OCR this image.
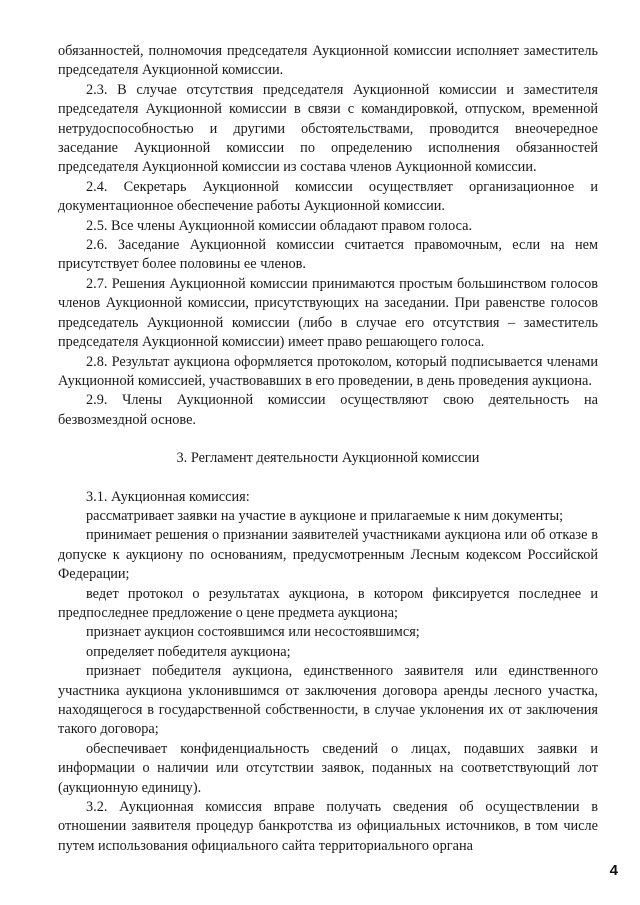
обязанностей, полномочия председателя Аукционной комиссии исполняет заместитель председателя Аукционной комиссии.

2.3. В случае отсутствия председателя Аукционной комиссии и заместителя председателя Аукционной комиссии в связи с командировкой, отпуском, временной нетрудоспособностью и другими обстоятельствами, проводится внеочередное заседание Аукционной комиссии по определению исполнения обязанностей председателя Аукционной комиссии из состава членов Аукционной комиссии.

2.4. Секретарь Аукционной комиссии осуществляет организационное и документационное обеспечение работы Аукционной комиссии.

2.5. Все члены Аукционной комиссии обладают правом голоса.

2.6. Заседание Аукционной комиссии считается правомочным, если на нем присутствует более половины ее членов.

2.7. Решения Аукционной комиссии принимаются простым большинством голосов членов Аукционной комиссии, присутствующих на заседании. При равенстве голосов председатель Аукционной комиссии (либо в случае его отсутствия – заместитель председателя Аукционной комиссии) имеет право решающего голоса.

2.8. Результат аукциона оформляется протоколом, который подписывается членами Аукционной комиссией, участвовавших в его проведении, в день проведения аукциона.

2.9. Члены Аукционной комиссии осуществляют свою деятельность на безвозмездной основе.

3. Регламент деятельности Аукционной комиссии

3.1. Аукционная комиссия:

рассматривает заявки на участие в аукционе и прилагаемые к ним документы;

принимает решения о признании заявителей участниками аукциона или об отказе в допуске к аукциону по основаниям, предусмотренным Лесным кодексом Российской Федерации;

ведет протокол о результатах аукциона, в котором фиксируется последнее и предпоследнее предложение о цене предмета аукциона;

признает аукцион состоявшимся или несостоявшимся;

определяет победителя аукциона;

признает победителя аукциона, единственного заявителя или единственного участника аукциона уклонившимся от заключения договора аренды лесного участка, находящегося в государственной собственности, в случае уклонения их от заключения такого договора;

обеспечивает конфиденциальность сведений о лицах, подавших заявки и информации о наличии или отсутствии заявок, поданных на соответствующий лот (аукционную единицу).

3.2. Аукционная комиссия вправе получать сведения об осуществлении в отношении заявителя процедур банкротства из официальных источников, в том числе путем использования официального сайта территориального органа

4
